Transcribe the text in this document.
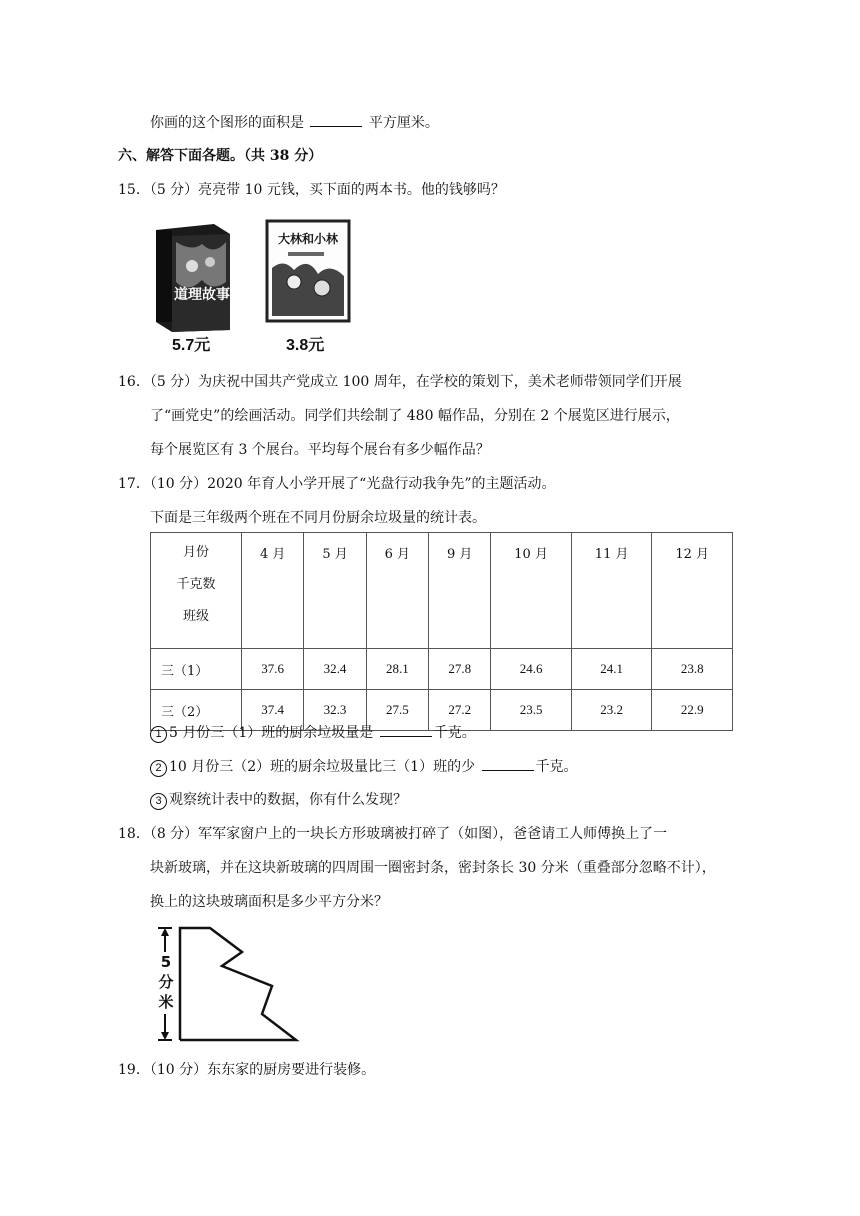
你画的这个图形的面积是	平方厘米。
六、解答下面各题。（共 38 分）
15．（5 分）亮亮带 10 元钱，买下面的两本书。他的钱够吗？
道理故事
5.7元
大林和小林
3.8元
16．（5 分）为庆祝中国共产党成立 100 周年，在学校的策划下，美术老师带领同学们开展
了“画党史”的绘画活动。同学们共绘制了 480 幅作品，分别在 2 个展览区进行展示，
每个展览区有 3 个展台。平均每个展台有多少幅作品？
17．（10 分）2020 年育人小学开展了“光盘行动我争先”的主题活动。
下面是三年级两个班在不同月份厨余垃圾量的统计表。
月份
千克数
班级	4 月	5 月	6 月	9 月	10 月	11 月	12 月
三（1）	37.6	32.4	28.1	27.8	24.6	24.1	23.8
三（2）	37.4	32.3	27.5	27.2	23.5	23.2	22.9
1 5 月份三（1）班的厨余垃圾量是	千克。
2 10 月份三（2）班的厨余垃圾量比三（1）班的少	千克。
3 观察统计表中的数据，你有什么发现？
18．（8 分）军军家窗户上的一块长方形玻璃被打碎了（如图），爸爸请工人师傅换上了一
块新玻璃，并在这块新玻璃的四周围一圈密封条，密封条长 30 分米（重叠部分忽略不计），
换上的这块玻璃面积是多少平方分米？
5
分
米
19．（10 分）东东家的厨房要进行装修。
